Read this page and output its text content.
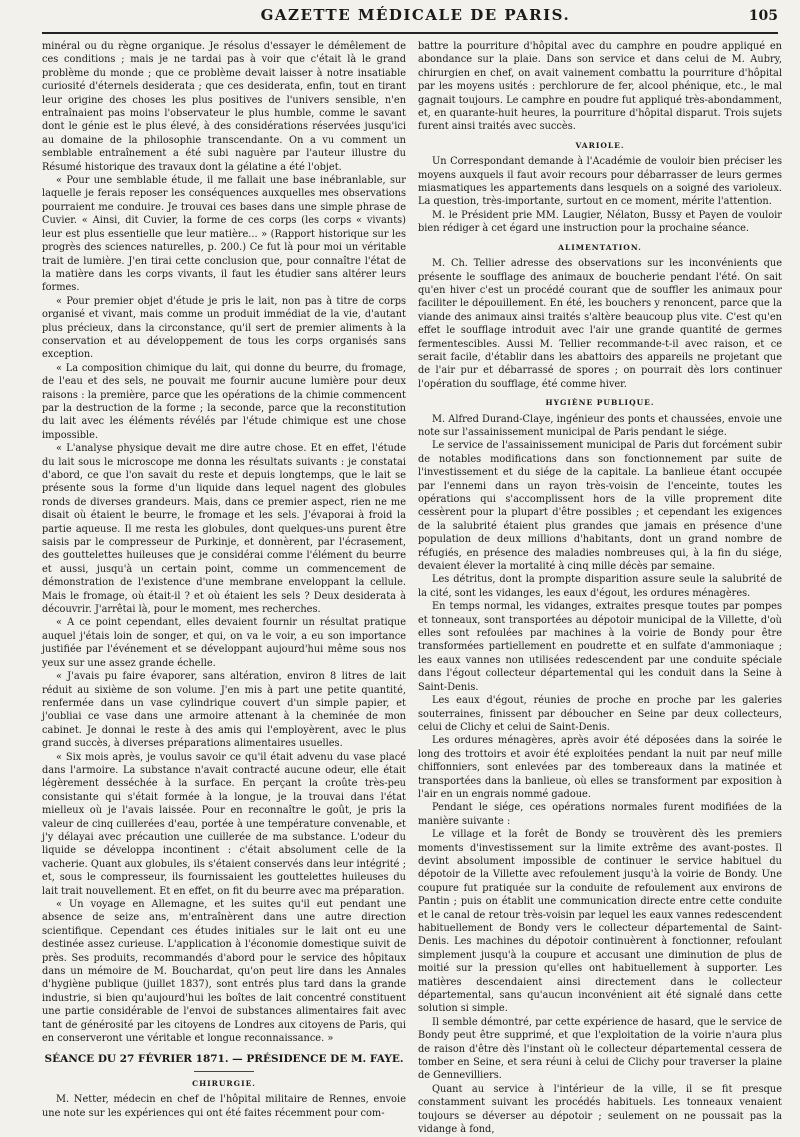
GAZETTE MÉDICALE DE PARIS.	105

minéral ou du règne organique. Je résolus d'essayer le démêlement de ces conditions ; mais je ne tardai pas à voir que c'était là le grand problème du monde ; que ce problème devait laisser à notre insatiable curiosité d'éternels desiderata ; que ces desiderata, enfin, tout en tirant leur origine des choses les plus positives de l'univers sensible, n'en entraînaient pas moins l'observateur le plus humble, comme le savant dont le génie est le plus élevé, à des considérations réservées jusqu'ici au domaine de la philosophie transcendante. On a vu comment un semblable entraînement a été subi naguère par l'auteur illustre du Résumé historique des travaux dont la gélatine a été l'objet.

« Pour une semblable étude, il me fallait une base inébranlable, sur laquelle je ferais reposer les conséquences auxquelles mes observations pourraient me conduire. Je trouvai ces bases dans une simple phrase de Cuvier. « Ainsi, dit Cuvier, la forme de ces corps (les corps « vivants) leur est plus essentielle que leur matière... » (Rapport historique sur les progrès des sciences naturelles, p. 200.) Ce fut là pour moi un véritable trait de lumière. J'en tirai cette conclusion que, pour connaître l'état de la matière dans les corps vivants, il faut les étudier sans altérer leurs formes.

« Pour premier objet d'étude je pris le lait, non pas à titre de corps organisé et vivant, mais comme un produit immédiat de la vie, d'autant plus précieux, dans la circonstance, qu'il sert de premier aliments à la conservation et au développement de tous les corps organisés sans exception.

« La composition chimique du lait, qui donne du beurre, du fromage, de l'eau et des sels, ne pouvait me fournir aucune lumière pour deux raisons : la première, parce que les opérations de la chimie commencent par la destruction de la forme ; la seconde, parce que la reconstitution du lait avec les éléments révélés par l'étude chimique est une chose impossible.

« L'analyse physique devait me dire autre chose. Et en effet, l'étude du lait sous le microscope me donna les résultats suivants : je constatai d'abord, ce que l'on savait du reste et depuis longtemps, que le lait se présente sous la forme d'un liquide dans lequel nagent des globules ronds de diverses grandeurs. Mais, dans ce premier aspect, rien ne me disait où étaient le beurre, le fromage et les sels. J'évaporai à froid la partie aqueuse. Il me resta les globules, dont quelques-uns purent être saisis par le compresseur de Purkinje, et donnèrent, par l'écrasement, des gouttelettes huileuses que je considérai comme l'élément du beurre et aussi, jusqu'à un certain point, comme un commencement de démonstration de l'existence d'une membrane enveloppant la cellule. Mais le fromage, où était-il ? et où étaient les sels ? Deux desiderata à découvrir. J'arrêtai là, pour le moment, mes recherches.

« A ce point cependant, elles devaient fournir un résultat pratique auquel j'étais loin de songer, et qui, on va le voir, a eu son importance justifiée par l'événement et se développant aujourd'hui même sous nos yeux sur une assez grande échelle.

« J'avais pu faire évaporer, sans altération, environ 8 litres de lait réduit au sixième de son volume. J'en mis à part une petite quantité, renfermée dans un vase cylindrique couvert d'un simple papier, et j'oubliai ce vase dans une armoire attenant à la cheminée de mon cabinet. Je donnai le reste à des amis qui l'employèrent, avec le plus grand succès, à diverses préparations alimentaires usuelles.

« Six mois après, je voulus savoir ce qu'il était advenu du vase placé dans l'armoire. La substance n'avait contracté aucune odeur, elle était légèrement desséchée à la surface. En perçant la croûte très-peu consistante qui s'était formée à la longue, je la trouvai dans l'état mielleux où je l'avais laissée. Pour en reconnaître le goût, je pris la valeur de cinq cuillerées d'eau, portée à une température convenable, et j'y délayai avec précaution une cuillerée de ma substance. L'odeur du liquide se développa incontinent : c'était absolument celle de la vacherie. Quant aux globules, ils s'étaient conservés dans leur intégrité ; et, sous le compresseur, ils fournissaient les gouttelettes huileuses du lait trait nouvellement. Et en effet, on fit du beurre avec ma préparation.

« Un voyage en Allemagne, et les suites qu'il eut pendant une absence de seize ans, m'entraînèrent dans une autre direction scientifique. Cependant ces études initiales sur le lait ont eu une destinée assez curieuse. L'application à l'économie domestique suivit de près. Ses produits, recommandés d'abord pour le service des hôpitaux dans un mémoire de M. Bouchardat, qu'on peut lire dans les Annales d'hygiène publique (juillet 1837), sont entrés plus tard dans la grande industrie, si bien qu'aujourd'hui les boîtes de lait concentré constituent une partie considérable de l'envoi de substances alimentaires fait avec tant de générosité par les citoyens de Londres aux citoyens de Paris, qui en conserveront une véritable et longue reconnaissance. »

SÉANCE DU 27 FÉVRIER 1871. — PRÉSIDENCE DE M. FAYE.

CHIRURGIE.

M. Netter, médecin en chef de l'hôpital militaire de Rennes, envoie une note sur les expériences qui ont été faites récemment pour com-

battre la pourriture d'hôpital avec du camphre en poudre appliqué en abondance sur la plaie. Dans son service et dans celui de M. Aubry, chirurgien en chef, on avait vainement combattu la pourriture d'hôpital par les moyens usités : perchlorure de fer, alcool phénique, etc., le mal gagnait toujours. Le camphre en poudre fut appliqué très-abondamment, et, en quarante-huit heures, la pourriture d'hôpital disparut. Trois sujets furent ainsi traités avec succès.

VARIOLE.

Un Correspondant demande à l'Académie de vouloir bien préciser les moyens auxquels il faut avoir recours pour débarrasser de leurs germes miasmatiques les appartements dans lesquels on a soigné des varioleux. La question, très-importante, surtout en ce moment, mérite l'attention.

M. le Président prie MM. Laugier, Nélaton, Bussy et Payen de vouloir bien rédiger à cet égard une instruction pour la prochaine séance.

ALIMENTATION.

M. Ch. Tellier adresse des observations sur les inconvénients que présente le soufflage des animaux de boucherie pendant l'été. On sait qu'en hiver c'est un procédé courant que de souffler les animaux pour faciliter le dépouillement. En été, les bouchers y renoncent, parce que la viande des animaux ainsi traités s'altère beaucoup plus vite. C'est qu'en effet le soufflage introduit avec l'air une grande quantité de germes fermentescibles. Aussi M. Tellier recommande-t-il avec raison, et ce serait facile, d'établir dans les abattoirs des appareils ne projetant que de l'air pur et débarrassé de spores ; on pourrait dès lors continuer l'opération du soufflage, été comme hiver.

HYGIÈNE PUBLIQUE.

M. Alfred Durand-Claye, ingénieur des ponts et chaussées, envoie une note sur l'assainissement municipal de Paris pendant le siége.

Le service de l'assainissement municipal de Paris dut forcément subir de notables modifications dans son fonctionnement par suite de l'investissement et du siége de la capitale. La banlieue étant occupée par l'ennemi dans un rayon très-voisin de l'enceinte, toutes les opérations qui s'accomplissent hors de la ville proprement dite cessèrent pour la plupart d'être possibles ; et cependant les exigences de la salubrité étaient plus grandes que jamais en présence d'une population de deux millions d'habitants, dont un grand nombre de réfugiés, en présence des maladies nombreuses qui, à la fin du siége, devaient élever la mortalité à cinq mille décès par semaine.

Les détritus, dont la prompte disparition assure seule la salubrité de la cité, sont les vidanges, les eaux d'égout, les ordures ménagères.

En temps normal, les vidanges, extraites presque toutes par pompes et tonneaux, sont transportées au dépotoir municipal de la Villette, d'où elles sont refoulées par machines à la voirie de Bondy pour être transformées partiellement en poudrette et en sulfate d'ammoniaque ; les eaux vannes non utilisées redescendent par une conduite spéciale dans l'égout collecteur départemental qui les conduit dans la Seine à Saint-Denis.

Les eaux d'égout, réunies de proche en proche par les galeries souterraines, finissent par déboucher en Seine par deux collecteurs, celui de Clichy et celui de Saint-Denis.

Les ordures ménagères, après avoir été déposées dans la soirée le long des trottoirs et avoir été exploitées pendant la nuit par neuf mille chiffonniers, sont enlevées par des tombereaux dans la matinée et transportées dans la banlieue, où elles se transforment par exposition à l'air en un engrais nommé gadoue.

Pendant le siége, ces opérations normales furent modifiées de la manière suivante :

Le village et la forêt de Bondy se trouvèrent dès les premiers moments d'investissement sur la limite extrême des avant-postes. Il devint absolument impossible de continuer le service habituel du dépotoir de la Villette avec refoulement jusqu'à la voirie de Bondy. Une coupure fut pratiquée sur la conduite de refoulement aux environs de Pantin ; puis on établit une communication directe entre cette conduite et le canal de retour très-voisin par lequel les eaux vannes redescendent habituellement de Bondy vers le collecteur départemental de Saint-Denis. Les machines du dépotoir continuèrent à fonctionner, refoulant simplement jusqu'à la coupure et accusant une diminution de plus de moitié sur la pression qu'elles ont habituellement à supporter. Les matières descendaient ainsi directement dans le collecteur départemental, sans qu'aucun inconvénient ait été signalé dans cette solution si simple.

Il semble démontré, par cette expérience de hasard, que le service de Bondy peut être supprimé, et que l'exploitation de la voirie n'aura plus de raison d'être dès l'instant où le collecteur départemental cessera de tomber en Seine, et sera réuni à celui de Clichy pour traverser la plaine de Gennevilliers.

Quant au service à l'intérieur de la ville, il se fit presque constamment suivant les procédés habituels. Les tonneaux venaient toujours se déverser au dépotoir ; seulement on ne poussait pas la vidange à fond,
